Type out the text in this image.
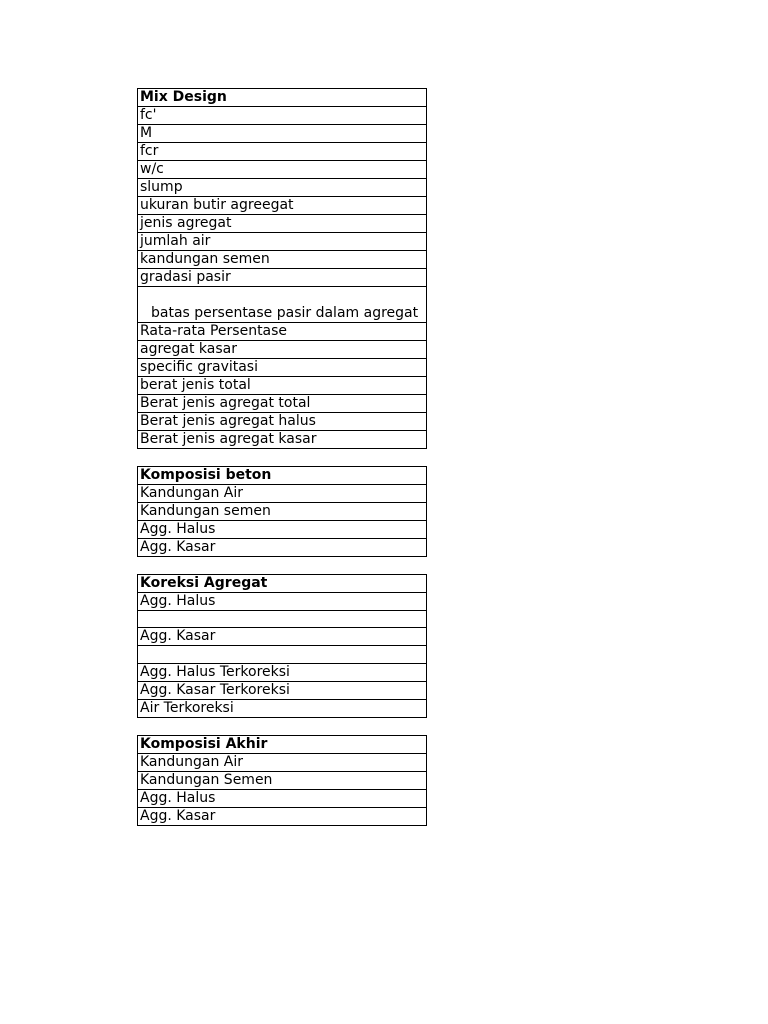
Mix Design
fc'
M
fcr
w/c
slump
ukuran butir agreegat
jenis agregat
jumlah air
kandungan semen
gradasi pasir
batas persentase pasir dalam agregat
Rata-rata Persentase
agregat kasar
specific gravitasi
berat jenis total
Berat jenis agregat total
Berat jenis agregat halus
Berat jenis agregat kasar
Komposisi beton
Kandungan Air
Kandungan semen
Agg. Halus
Agg. Kasar
Koreksi Agregat
Agg. Halus

Agg. Kasar

Agg. Halus Terkoreksi
Agg. Kasar Terkoreksi
Air Terkoreksi
Komposisi Akhir
Kandungan Air
Kandungan Semen
Agg. Halus
Agg. Kasar
